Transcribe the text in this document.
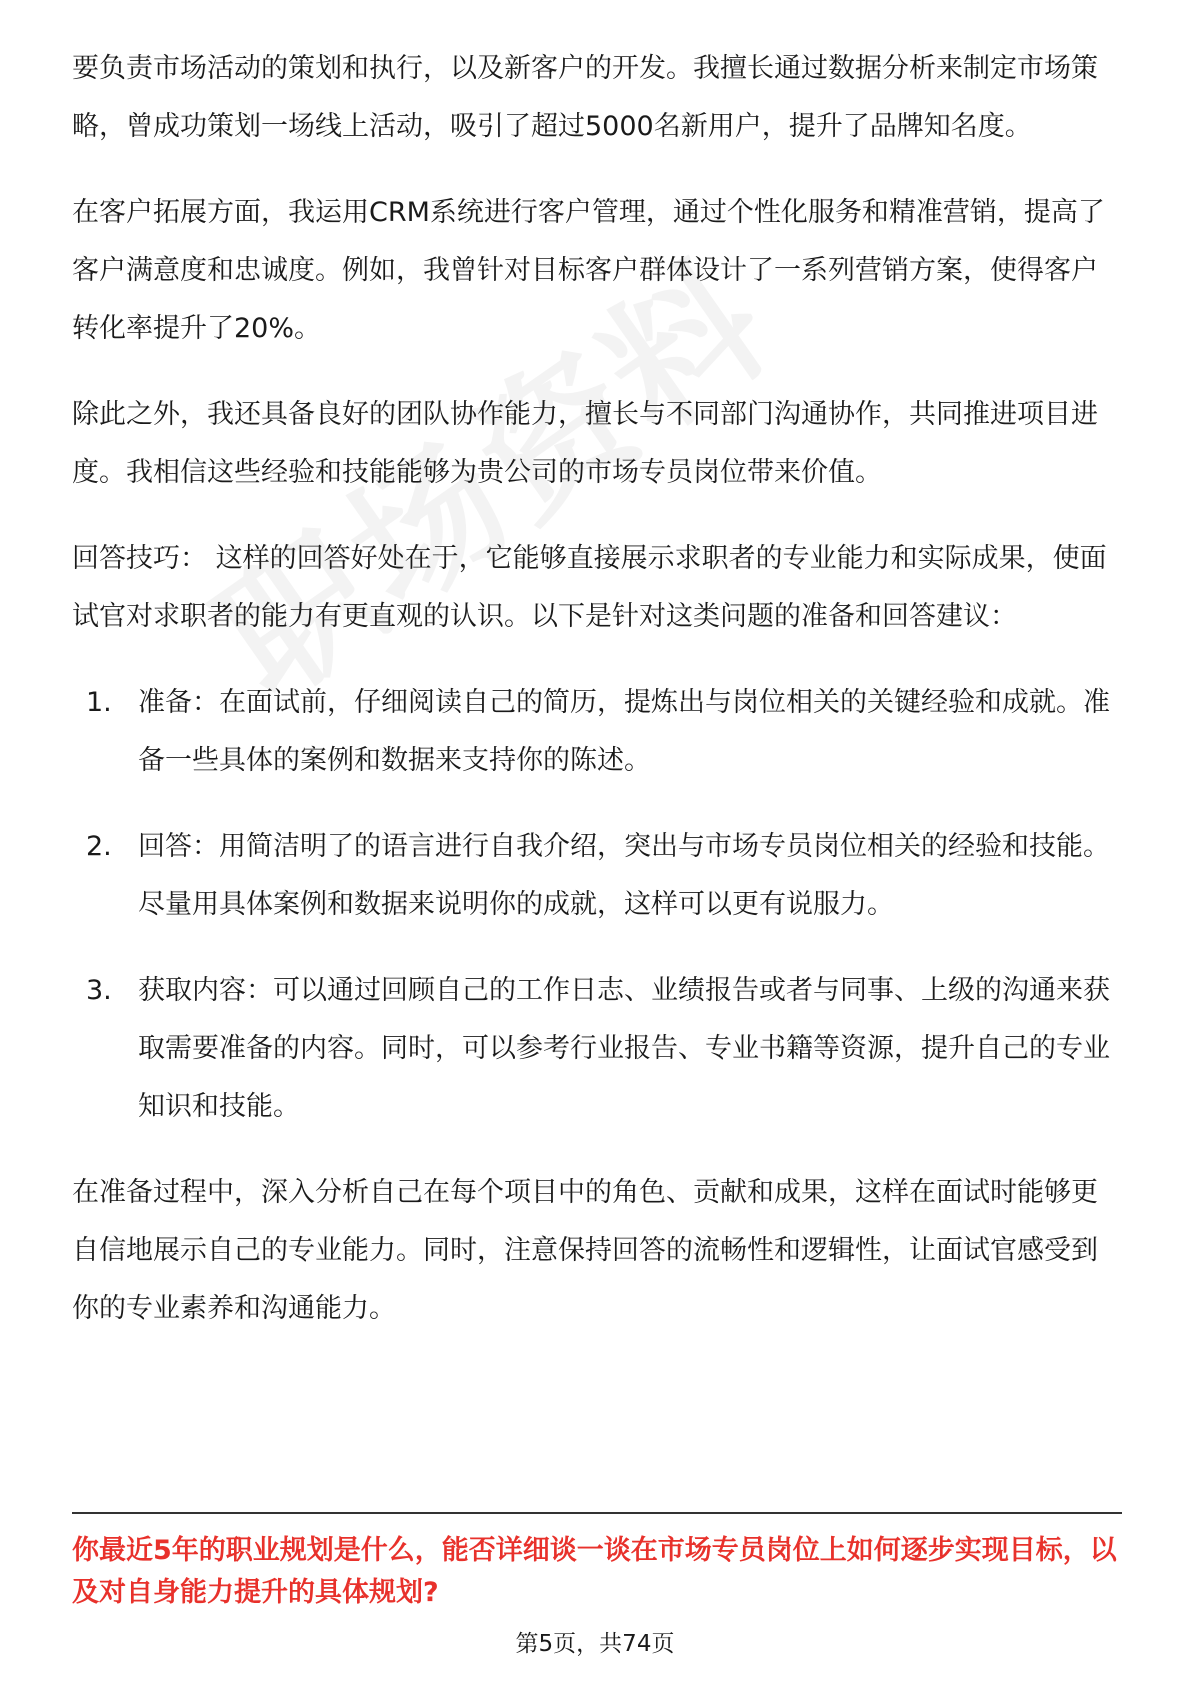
要负责市场活动的策划和执行，以及新客户的开发。我擅长通过数据分析来制定市场策略，曾成功策划一场线上活动，吸引了超过5000名新用户，提升了品牌知名度。

在客户拓展方面，我运用CRM系统进行客户管理，通过个性化服务和精准营销，提高了客户满意度和忠诚度。例如，我曾针对目标客户群体设计了一系列营销方案，使得客户转化率提升了20%。

除此之外，我还具备良好的团队协作能力，擅长与不同部门沟通协作，共同推进项目进度。我相信这些经验和技能能够为贵公司的市场专员岗位带来价值。

回答技巧： 这样的回答好处在于，它能够直接展示求职者的专业能力和实际成果，使面试官对求职者的能力有更直观的认识。以下是针对这类问题的准备和回答建议：

1. 准备：在面试前，仔细阅读自己的简历，提炼出与岗位相关的关键经验和成就。准备一些具体的案例和数据来支持你的陈述。
2. 回答：用简洁明了的语言进行自我介绍，突出与市场专员岗位相关的经验和技能。尽量用具体案例和数据来说明你的成就，这样可以更有说服力。
3. 获取内容：可以通过回顾自己的工作日志、业绩报告或者与同事、上级的沟通来获取需要准备的内容。同时，可以参考行业报告、专业书籍等资源，提升自己的专业知识和技能。

在准备过程中，深入分析自己在每个项目中的角色、贡献和成果，这样在面试时能够更自信地展示自己的专业能力。同时，注意保持回答的流畅性和逻辑性，让面试官感受到你的专业素养和沟通能力。

你最近5年的职业规划是什么，能否详细谈一谈在市场专员岗位上如何逐步实现目标，以及对自身能力提升的具体规划?

第5页，共74页
